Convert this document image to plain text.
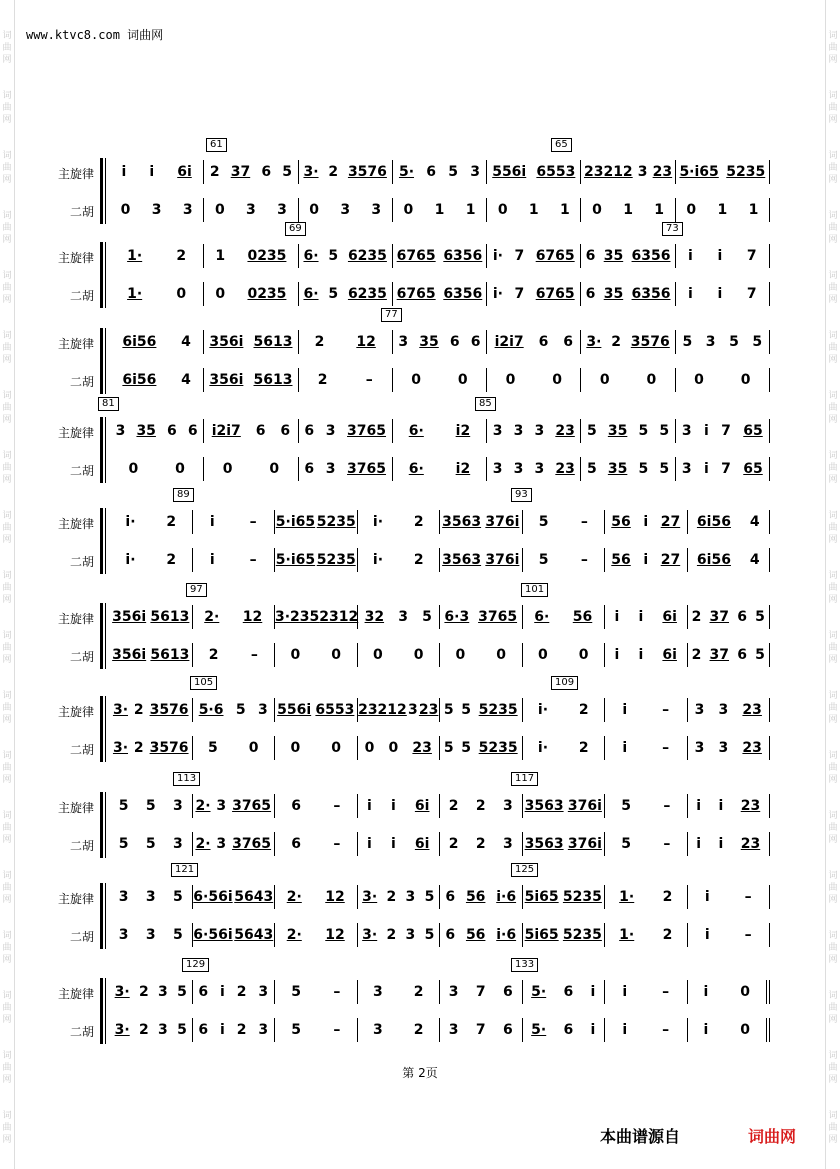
www.ktvc8.com 词曲网
词
曲
网
词
曲
网
词
曲
网
词
曲
网
词
曲
网
词
曲
网
词
曲
网
词
曲
网
词
曲
网
词
曲
网
词
曲
网
词
曲
网
词
曲
网
词
曲
网
词
曲
网
词
曲
网
词
曲
网
词
曲
网
词
曲
网
词
曲
网
词
曲
网
词
曲
网
词
曲
网
词
曲
网
词
曲
网
词
曲
网
词
曲
网
词
曲
网
词
曲
网
词
曲
网
词
曲
网
词
曲
网
词
曲
网
词
曲
网
词
曲
网
词
曲
网
词
曲
网
词
曲
网
61	65
主旋律 i i 6i 2 37 6 5 3· 2 3576 5· 6 5 3 556i 6553 23212 3 23 5·i65 5235
二胡 0 3 3 0 3 3 0 3 3 0 1 1 0 1 1 0 1 1 0 1 1
69	73
主旋律 1· 2 1 0235 6· 5 6235 6765 6356 i· 7 6765 6 35 6356 i i 7
二胡 1· 0 0 0235 6· 5 6235 6765 6356 i· 7 6765 6 35 6356 i i 7
77
主旋律 6i56 4 356i 5613 2 12 3 35 6 6 i2i7 6 6 3· 2 3576 5 3 5 5
二胡 6i56 4 356i 5613 2	–	0	0	0	0	0	0	0	0
81	85
主旋律 3 35 6 6 i2i7 6 6 6 3 3765 6· i2 3 3 3 23 5 35 5 5 3 i 7 65
二胡 0	0	0	0 6 3 3765 6· i2 3 3 3 23 5 35 5 5 3 i 7 65
89	93
主旋律 i· 2 i – 5·i65 5235 i· 2 3563 376i 5 – 56 i 27 6i56 4
二胡 i· 2 i – 5·i65 5235 i· 2 3563 376i 5 – 56 i 27 6i56 4
97	101
主旋律 356i 5613 2· 12 3·235 2312 32 3 5 6·3 3765 6· 56 i i 6i 2 37 6 5
二胡 356i 5613 2 – 0 0 0 0 0 0 0 0 i i 6i 2 37 6 5
105	109
主旋律 3· 2 3576 5·6 5 3 556i 6553 23212 3 23 5 5 5235 i· 2 i – 3 3 23
二胡 3· 2 3576 5 0 0 0 0 0 23 5 5 5235 i· 2 i – 3 3 23
113	117
主旋律 5 5 3 2· 3 3765 6 – i i 6i 2 2 3 3563 376i 5 – i i 23
二胡 5 5 3 2· 3 3765 6 – i i 6i 2 2 3 3563 376i 5 – i i 23
121	125
主旋律 3 3 5 6·56i 5643 2· 12 3· 2 3 5 6 56 i·6 5i65 5235 1· 2 i –
二胡 3 3 5 6·56i 5643 2· 12 3· 2 3 5 6 56 i·6 5i65 5235 1· 2 i –
129	133
主旋律 3· 2 3 5 6 i 2 3 5 – 3 2 3 7 6 5· 6 i i – i 0
二胡 3· 2 3 5 6 i 2 3 5 – 3 2 3 7 6 5· 6 i i – i 0
第 2页
本曲谱源自	词曲网
